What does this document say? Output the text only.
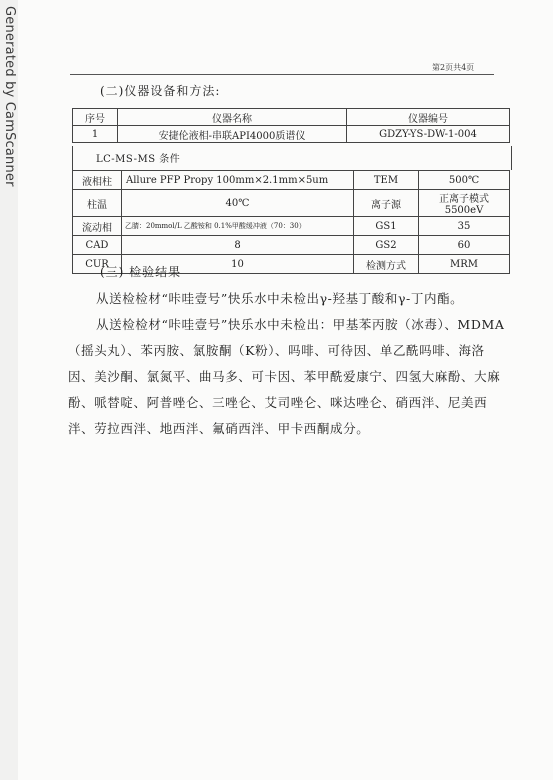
Generated by CamScanner	第2页共4页
(二)仪器设备和方法:
序号	仪器名称	仪器编号
1	安捷伦液相-串联API4000质谱仪	GDZY-YS-DW-1-004
LC-MS-MS 条件
液相柱	Allure PFP Propy 100mm×2.1mm×5um	TEM	500℃
柱温	40℃	离子源	正离子模式 5500eV
流动相	乙腈：20mmol/L 乙酸铵和 0.1%甲酸缓冲液（70：30）	GS1	35
CAD	8	GS2	60
CUR	10	检测方式	MRM
(三) 检验结果
从送检检材“咔哇壹号”快乐水中未检出γ-羟基丁酸和γ-丁内酯。
从送检检材“咔哇壹号”快乐水中未检出：甲基苯丙胺（冰毒）、MDMA（摇头丸）、苯丙胺、氯胺酮（K粉）、吗啡、可待因、单乙酰吗啡、海洛因、美沙酮、氯氮平、曲马多、可卡因、苯甲酰爱康宁、四氢大麻酚、大麻酚、哌替啶、阿普唑仑、三唑仑、艾司唑仑、咪达唑仑、硝西泮、尼美西泮、劳拉西泮、地西泮、氟硝西泮、甲卡西酮成分。
